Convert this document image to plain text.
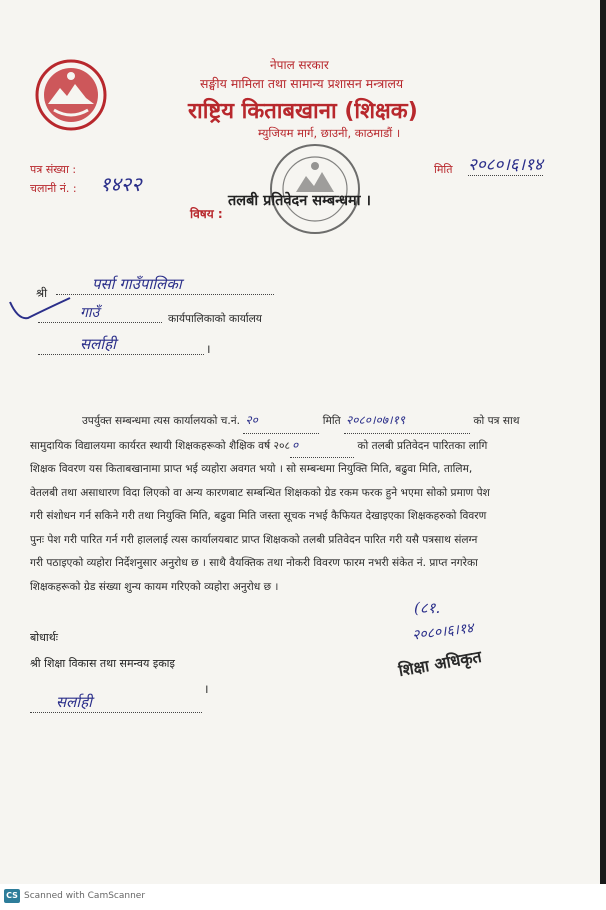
नेपाल सरकार
सङ्घीय मामिला तथा सामान्य प्रशासन मन्त्रालय
राष्ट्रिय किताबखाना (शिक्षक)
म्युजियम मार्ग, छाउनी, काठमाडौं ।
पत्र संख्या :
चलानी नं. : १४२२
मिति २०८०।६।१४
विषय :
तलबी प्रतिवेदन सम्बन्धमा ।
श्री	पर्सा गाउँपालिका
गाउँ	कार्यपालिकाको कार्यालय
सर्लाही	।
उपर्युक्त सम्बन्धमा त्यस कार्यालयको च.नं. २०	मिति २०८०।०७।१९	को पत्र साथ
सामुदायिक विद्यालयमा कार्यरत स्थायी शिक्षकहरूको शैक्षिक वर्ष २०८ ०	को तलबी प्रतिवेदन पारितका लागि
शिक्षक विवरण यस किताबखानामा प्राप्त भई व्यहोरा अवगत भयो । सो सम्बन्धमा नियुक्ति मिति, बढुवा मिति, तालिम,
वेतलबी तथा असाधारण विदा लिएको वा अन्य कारणबाट सम्बन्धित शिक्षकको ग्रेड रकम फरक हुने भएमा सोको प्रमाण पेश
गरी संशोधन गर्न सकिने गरी तथा नियुक्ति मिति, बढुवा मिति जस्ता सूचक नभई कैफियत देखाइएका शिक्षकहरुको विवरण
पुनः पेश गरी पारित गर्न गरी हाललाई त्यस कार्यालयबाट प्राप्त शिक्षकको तलबी प्रतिवेदन पारित गरी यसै पत्रसाथ संलग्न
गरी पठाइएको व्यहोरा निर्देशनुसार अनुरोध छ । साथै वैयक्तिक तथा नोकरी विवरण फारम नभरी संकेत नं. प्राप्त नगरेका
शिक्षकहरूको ग्रेड संख्या शुन्य कायम गरिएको व्यहोरा अनुरोध छ ।
बोधार्थः
श्री शिक्षा विकास तथा समन्वय इकाइ
सर्लाही
।
(८१.
२०८०।६।१४
शिक्षा अधिकृत
CS Scanned with CamScanner
